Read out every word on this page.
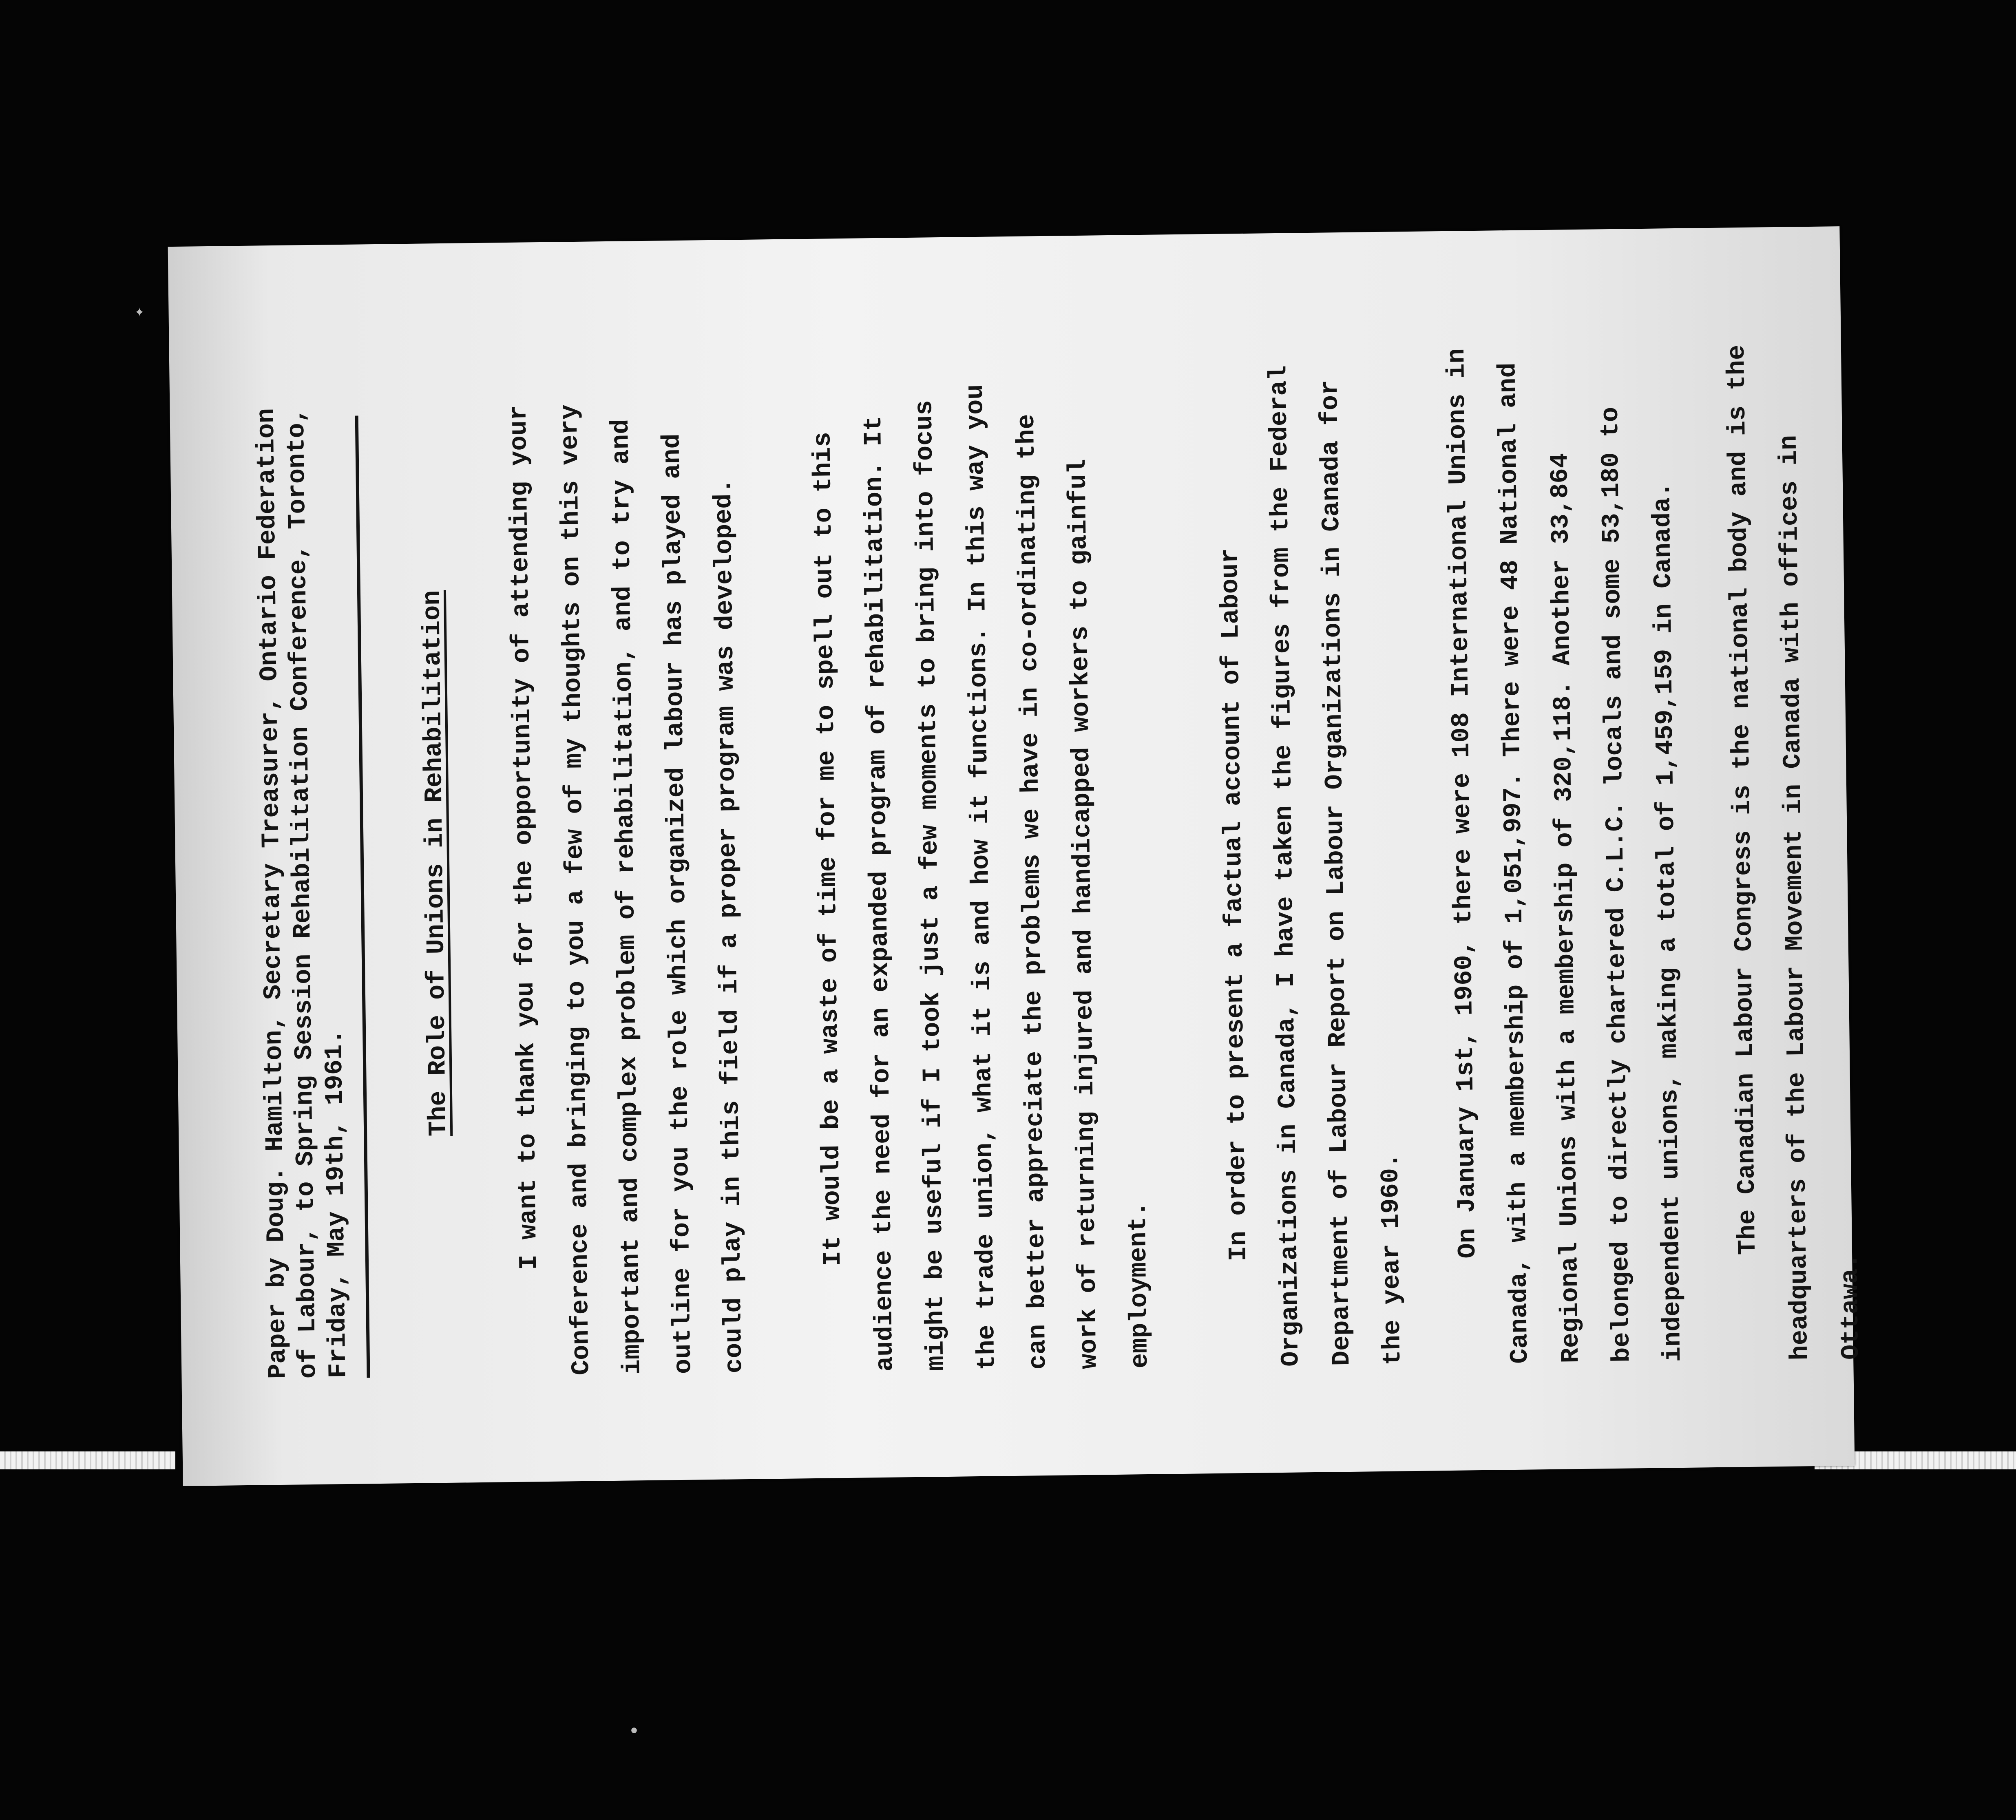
Paper by Doug. Hamilton, Secretary Treasurer, Ontario Federation
of Labour, to Spring Session Rehabilitation Conference, Toronto,
Friday, May 19th, 1961.
The Role of Unions in Rehabilitation	I want to thank you for the opportunity of attending your Conference and bringing to you a few of my thoughts on this very important and complex problem of rehabilitation, and to try and outline for you the role which organized labour has played and could play in this field if a proper program was developed.	It would be a waste of time for me to spell out to this audience the need for an expanded program of rehabilitation. It might be useful if I took just a few moments to bring into focus the trade union, what it is and how it functions. In this way you can better appreciate the problems we have in co-ordinating the work of returning injured and handicapped workers to gainful employment.

In order to present a factual account of Labour Organizations in Canada, I have taken the figures from the Federal Department of Labour Report on Labour Organizations in Canada for the year 1960.

On January 1st, 1960, there were 108 International Unions in Canada, with a membership of 1,051,997. There were 48 National and Regional Unions with a membership of 320,118. Another 33,864 belonged to directly chartered C.L.C. locals and some 53,180 to independent unions, making a total of 1,459,159 in Canada.	The Canadian Labour Congress is the national body and is the headquarters of the Labour Movement in Canada with offices in Ottawa.

✦
•
